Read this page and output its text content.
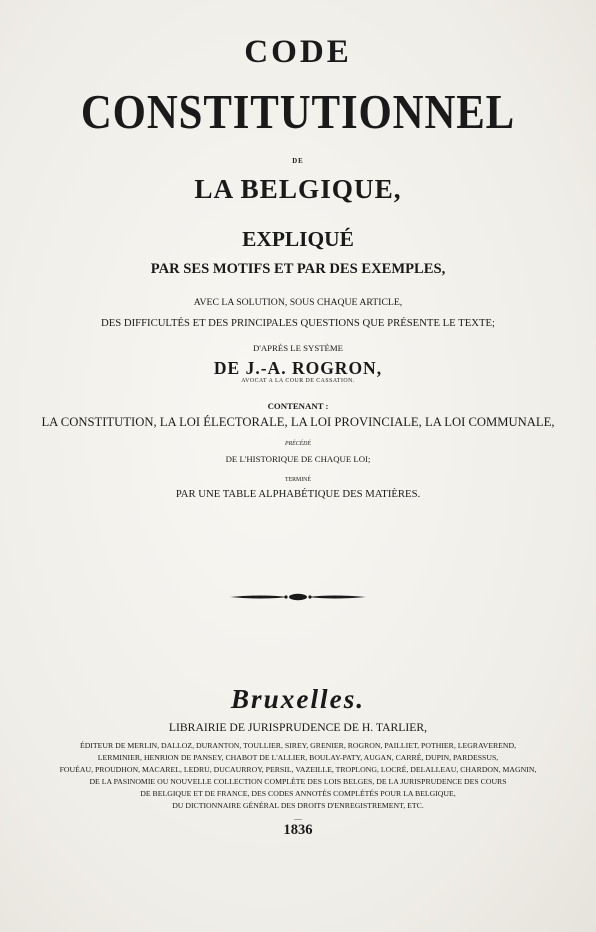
CODE
CONSTITUTIONNEL
DE
LA BELGIQUE,
EXPLIQUÉ
PAR SES MOTIFS ET PAR DES EXEMPLES,
AVEC LA SOLUTION, SOUS CHAQUE ARTICLE,
DES DIFFICULTÉS ET DES PRINCIPALES QUESTIONS QUE PRÉSENTE LE TEXTE;
D'APRÈS LE SYSTÈME
DE J.-A. ROGRON,
AVOCAT A LA COUR DE CASSATION.
CONTENANT :
LA CONSTITUTION, LA LOI ÉLECTORALE, LA LOI PROVINCIALE, LA LOI COMMUNALE,
PRÉCÉDÉ
DE L'HISTORIQUE DE CHAQUE LOI;
TERMINÉ
PAR UNE TABLE ALPHABÉTIQUE DES MATIÈRES.
Bruxelles.
LIBRAIRIE DE JURISPRUDENCE DE H. TARLIER,
ÉDITEUR DE MERLIN, DALLOZ, DURANTON, TOULLIER, SIREY, GRENIER, ROGRON, PAILLIET, POTHIER, LEGRAVEREND,
LERMINIER, HENRION DE PANSEY, CHABOT DE L'ALLIER, BOULAY-PATY, AUGAN, CARRÉ, DUPIN, PARDESSUS,
FOUÉAU, PROUDHON, MACAREL, LEDRU, DUCAURROY, PERSIL, VAZEILLE, TROPLONG, LOCRÉ, DELALLEAU, CHARDON, MAGNIN,
DE LA PASINOMIE OU NOUVELLE COLLECTION COMPLÈTE DES LOIS BELGES, DE LA JURISPRUDENCE DES COURS
DE BELGIQUE ET DE FRANCE, DES CODES ANNOTÉS COMPLÉTÉS POUR LA BELGIQUE,
DU DICTIONNAIRE GÉNÉRAL DES DROITS D'ENREGISTREMENT, ETC.
—
1836
